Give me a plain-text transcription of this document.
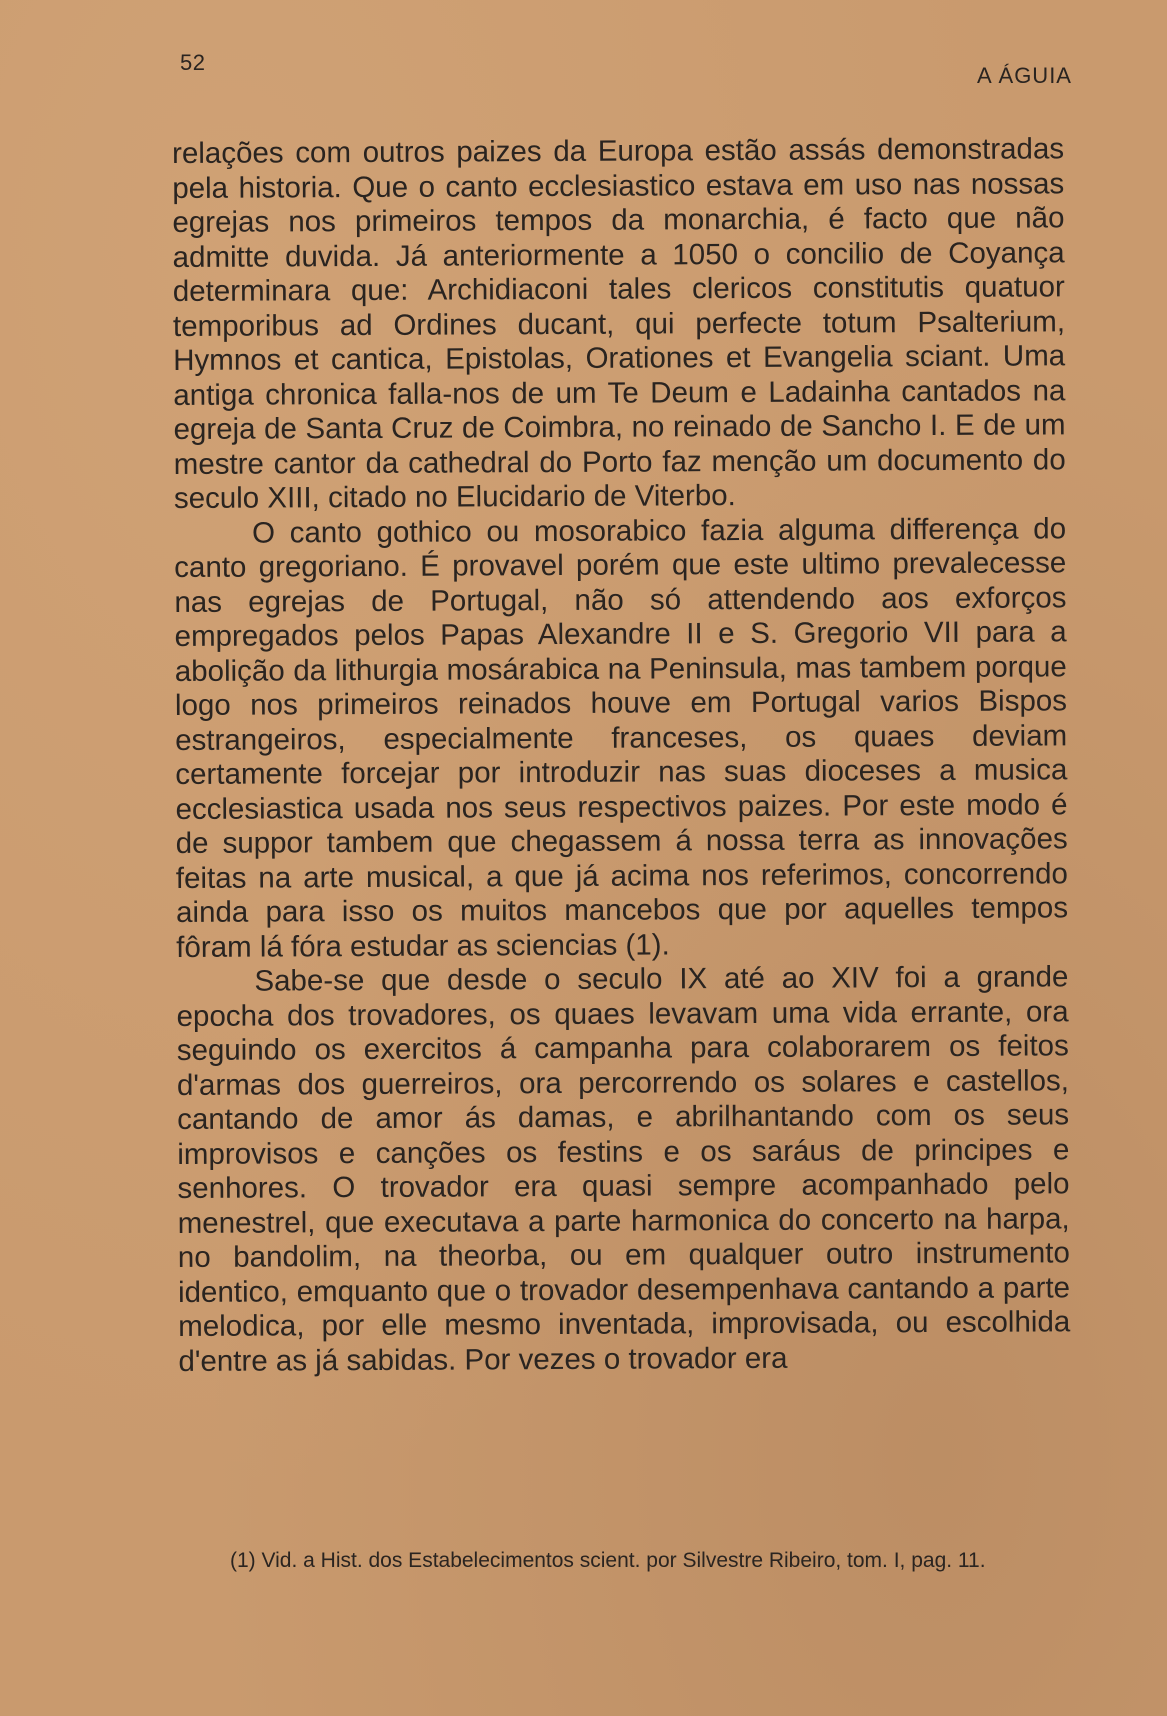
52
A ÁGUIA

relações com outros paizes da Europa estão assás demonstradas pela historia. Que o canto ecclesiastico estava em uso nas nossas egrejas nos primeiros tempos da monarchia, é facto que não admitte duvida. Já anteriormente a 1050 o concilio de Coyança determinara que: Archidiaconi tales clericos constitutis quatuor temporibus ad Ordines ducant, qui perfecte totum Psalterium, Hymnos et cantica, Epistolas, Orationes et Evangelia sciant. Uma antiga chronica falla-nos de um Te Deum e Ladainha cantados na egreja de Santa Cruz de Coimbra, no reinado de Sancho I. E de um mestre cantor da cathedral do Porto faz menção um documento do seculo XIII, citado no Elucidario de Viterbo.

O canto gothico ou mosorabico fazia alguma differença do canto gregoriano. É provavel porém que este ultimo prevalecesse nas egrejas de Portugal, não só attendendo aos exforços empregados pelos Papas Alexandre II e S. Gregorio VII para a abolição da lithurgia mosárabica na Peninsula, mas tambem porque logo nos primeiros reinados houve em Portugal varios Bispos estrangeiros, especialmente franceses, os quaes deviam certamente forcejar por introduzir nas suas dioceses a musica ecclesiastica usada nos seus respectivos paizes. Por este modo é de suppor tambem que chegassem á nossa terra as innovações feitas na arte musical, a que já acima nos referimos, concorrendo ainda para isso os muitos mancebos que por aquelles tempos fôram lá fóra estudar as sciencias (1).

Sabe-se que desde o seculo IX até ao XIV foi a grande epocha dos trovadores, os quaes levavam uma vida errante, ora seguindo os exercitos á campanha para colaborarem os feitos d'armas dos guerreiros, ora percorrendo os solares e castellos, cantando de amor ás damas, e abrilhantando com os seus improvisos e canções os festins e os saráus de principes e senhores. O trovador era quasi sempre acompanhado pelo menestrel, que executava a parte harmonica do concerto na harpa, no bandolim, na theorba, ou em qualquer outro instrumento identico, emquanto que o trovador desempenhava cantando a parte melodica, por elle mesmo inventada, improvisada, ou escolhida d'entre as já sabidas. Por vezes o trovador era

(1) Vid. a Hist. dos Estabelecimentos scient. por Silvestre Ribeiro, tom. I, pag. 11.
